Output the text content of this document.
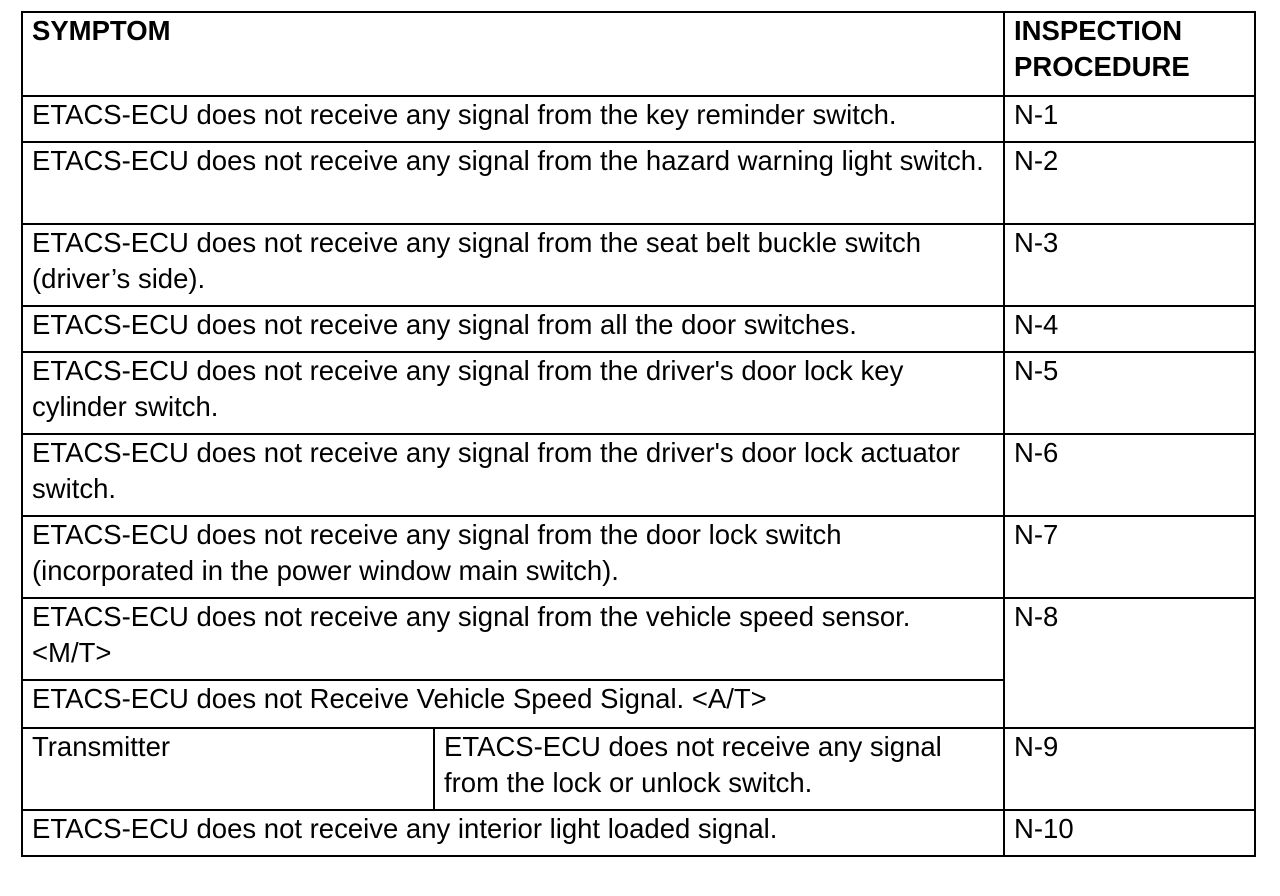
SYMPTOM		INSPECTION
PROCEDURE
ETACS-ECU does not receive any signal from the key reminder switch.		N-1
ETACS-ECU does not receive any signal from the hazard warning light switch.		N-2
ETACS-ECU does not receive any signal from the seat belt buckle switch (driver’s side).		N-3
ETACS-ECU does not receive any signal from all the door switches.		N-4
ETACS-ECU does not receive any signal from the driver's door lock key cylinder switch.		N-5
ETACS-ECU does not receive any signal from the driver's door lock actuator switch.		N-6
ETACS-ECU does not receive any signal from the door lock switch (incorporated in the power window main switch).		N-7
ETACS-ECU does not receive any signal from the vehicle speed sensor. <M/T>		N-8
ETACS-ECU does not Receive Vehicle Speed Signal. <A/T>		
Transmitter	ETACS-ECU does not receive any signal from the lock or unlock switch.	N-9
ETACS-ECU does not receive any interior light loaded signal.		N-10
